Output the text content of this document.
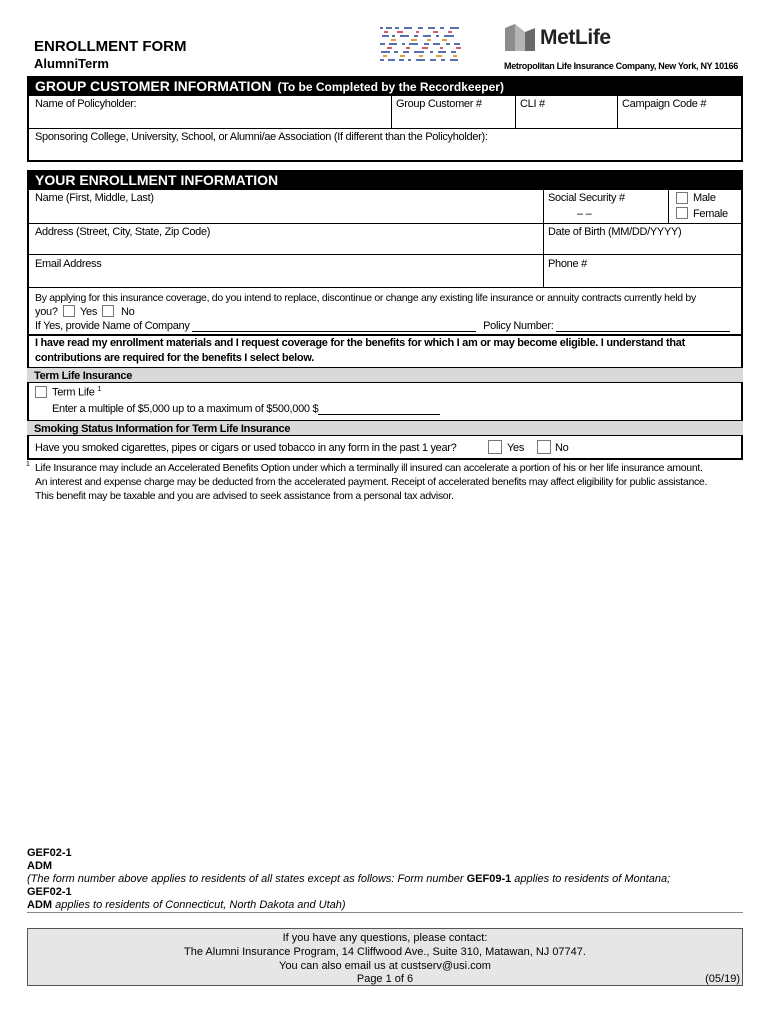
ENROLLMENT FORM
AlumniTerm
MetLife
Metropolitan Life Insurance Company, New York, NY 10166
GROUP CUSTOMER INFORMATION (To be Completed by the Recordkeeper)
Name of Policyholder:	Group Customer #	CLI #	Campaign Code #
Sponsoring College, University, School, or Alumni/ae Association (If different than the Policyholder):
YOUR ENROLLMENT INFORMATION
Name (First, Middle, Last)	Social Security #
– –
Male
Female
Address (Street, City, State, Zip Code)	Date of Birth (MM/DD/YYYY)
Email Address	Phone #
By applying for this insurance coverage, do you intend to replace, discontinue or change any existing life insurance or annuity contracts currently held by
you? Yes No
If Yes, provide Name of Company	Policy Number:
I have read my enrollment materials and I request coverage for the benefits for which I am or may become eligible. I understand that
contributions are required for the benefits I select below.
Term Life Insurance
Term Life $^1$
Enter a multiple of $5,000 up to a maximum of $500,000 $
Smoking Status Information for Term Life Insurance
Have you smoked cigarettes, pipes or cigars or used tobacco in any form in the past 1 year?	Yes	No
1 Life Insurance may include an Accelerated Benefits Option under which a terminally ill insured can accelerate a portion of his or her life insurance amount.
An interest and expense charge may be deducted from the accelerated payment. Receipt of accelerated benefits may affect eligibility for public assistance.
This benefit may be taxable and you are advised to seek assistance from a personal tax advisor.
GEF02-1
ADM
(The form number above applies to residents of all states except as follows: Form number GEF09-1 applies to residents of Montana;
GEF02-1
ADM applies to residents of Connecticut, North Dakota and Utah)
If you have any questions, please contact:
The Alumni Insurance Program, 14 Cliffwood Ave., Suite 310, Matawan, NJ 07747.
You can also email us at custserv@usi.com
Page 1 of 6	(05/19)
